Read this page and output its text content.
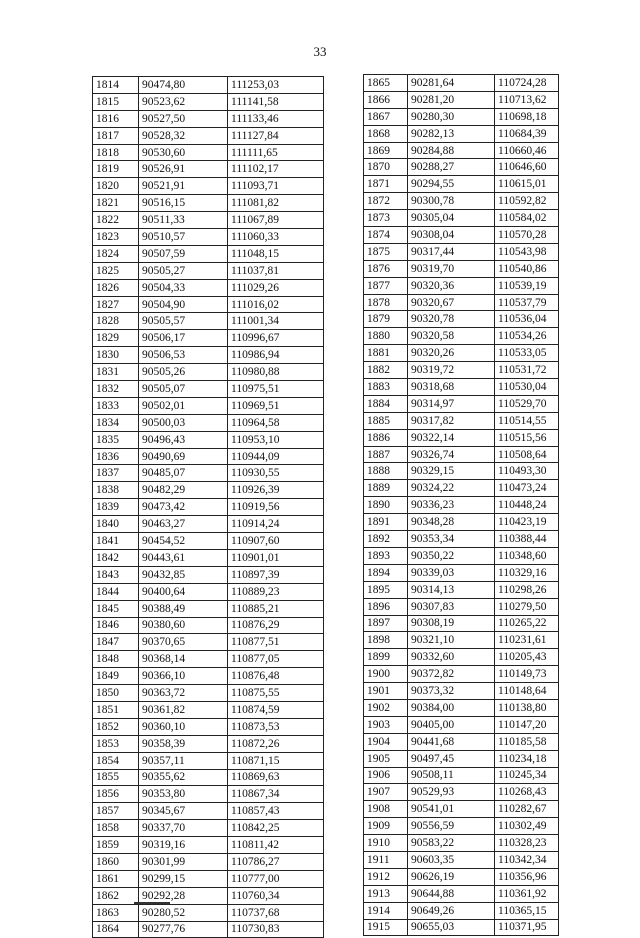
33
1814	90474,80	111253,03
1815	90523,62	111141,58
1816	90527,50	111133,46
1817	90528,32	111127,84
1818	90530,60	111111,65
1819	90526,91	111102,17
1820	90521,91	111093,71
1821	90516,15	111081,82
1822	90511,33	111067,89
1823	90510,57	111060,33
1824	90507,59	111048,15
1825	90505,27	111037,81
1826	90504,33	111029,26
1827	90504,90	111016,02
1828	90505,57	111001,34
1829	90506,17	110996,67
1830	90506,53	110986,94
1831	90505,26	110980,88
1832	90505,07	110975,51
1833	90502,01	110969,51
1834	90500,03	110964,58
1835	90496,43	110953,10
1836	90490,69	110944,09
1837	90485,07	110930,55
1838	90482,29	110926,39
1839	90473,42	110919,56
1840	90463,27	110914,24
1841	90454,52	110907,60
1842	90443,61	110901,01
1843	90432,85	110897,39
1844	90400,64	110889,23
1845	90388,49	110885,21
1846	90380,60	110876,29
1847	90370,65	110877,51
1848	90368,14	110877,05
1849	90366,10	110876,48
1850	90363,72	110875,55
1851	90361,82	110874,59
1852	90360,10	110873,53
1853	90358,39	110872,26
1854	90357,11	110871,15
1855	90355,62	110869,63
1856	90353,80	110867,34
1857	90345,67	110857,43
1858	90337,70	110842,25
1859	90319,16	110811,42
1860	90301,99	110786,27
1861	90299,15	110777,00
1862	90292,28	110760,34
1863	90280,52	110737,68
1864	90277,76	110730,83
1865	90281,64	110724,28
1866	90281,20	110713,62
1867	90280,30	110698,18
1868	90282,13	110684,39
1869	90284,88	110660,46
1870	90288,27	110646,60
1871	90294,55	110615,01
1872	90300,78	110592,82
1873	90305,04	110584,02
1874	90308,04	110570,28
1875	90317,44	110543,98
1876	90319,70	110540,86
1877	90320,36	110539,19
1878	90320,67	110537,79
1879	90320,78	110536,04
1880	90320,58	110534,26
1881	90320,26	110533,05
1882	90319,72	110531,72
1883	90318,68	110530,04
1884	90314,97	110529,70
1885	90317,82	110514,55
1886	90322,14	110515,56
1887	90326,74	110508,64
1888	90329,15	110493,30
1889	90324,22	110473,24
1890	90336,23	110448,24
1891	90348,28	110423,19
1892	90353,34	110388,44
1893	90350,22	110348,60
1894	90339,03	110329,16
1895	90314,13	110298,26
1896	90307,83	110279,50
1897	90308,19	110265,22
1898	90321,10	110231,61
1899	90332,60	110205,43
1900	90372,82	110149,73
1901	90373,32	110148,64
1902	90384,00	110138,80
1903	90405,00	110147,20
1904	90441,68	110185,58
1905	90497,45	110234,18
1906	90508,11	110245,34
1907	90529,93	110268,43
1908	90541,01	110282,67
1909	90556,59	110302,49
1910	90583,22	110328,23
1911	90603,35	110342,34
1912	90626,19	110356,96
1913	90644,88	110361,92
1914	90649,26	110365,15
1915	90655,03	110371,95
